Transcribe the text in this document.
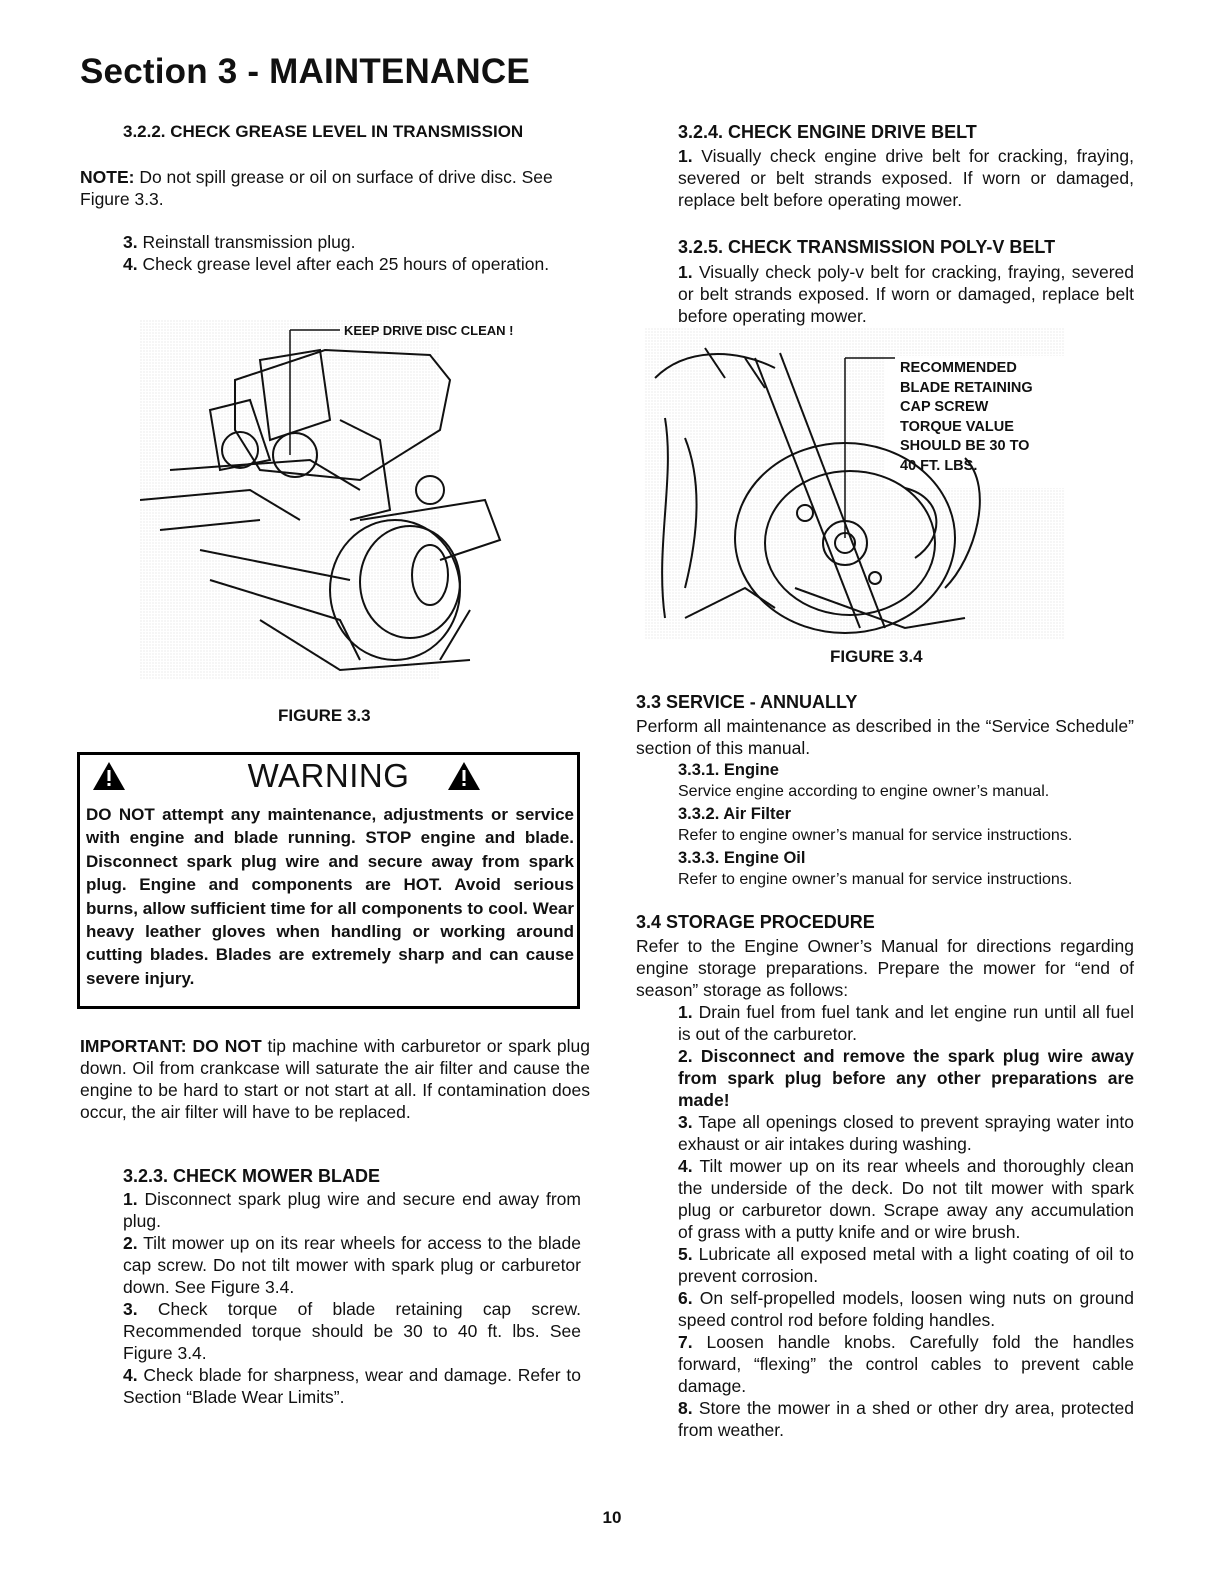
Section 3 - MAINTENANCE
3.2.2. CHECK GREASE LEVEL IN TRANSMISSION
NOTE: Do not spill grease or oil on surface of drive disc. See Figure 3.3.
3. Reinstall transmission plug.
4. Check grease level after each 25 hours of operation.
KEEP DRIVE DISC CLEAN !
FIGURE 3.3
WARNING
DO NOT attempt any maintenance, adjustments or service with engine and blade running. STOP engine and blade. Disconnect spark plug wire and secure away from spark plug. Engine and components are HOT. Avoid serious burns, allow sufficient time for all components to cool. Wear heavy leather gloves when handling or working around cutting blades. Blades are extremely sharp and can cause severe injury.
IMPORTANT: DO NOT tip machine with carburetor or spark plug down. Oil from crankcase will saturate the air filter and cause the engine to be hard to start or not start at all. If contamination does occur, the air filter will have to be replaced.
3.2.3. CHECK MOWER BLADE
1. Disconnect spark plug wire and secure end away from plug.
2. Tilt mower up on its rear wheels for access to the blade cap screw. Do not tilt mower with spark plug or carburetor down. See Figure 3.4.
3. Check torque of blade retaining cap screw. Recommended torque should be 30 to 40 ft. lbs. See Figure 3.4.
4. Check blade for sharpness, wear and damage. Refer to Section “Blade Wear Limits”.
3.2.4. CHECK ENGINE DRIVE BELT
1. Visually check engine drive belt for cracking, fraying, severed or belt strands exposed. If worn or damaged, replace belt before operating mower.
3.2.5. CHECK TRANSMISSION POLY-V BELT
1. Visually check poly-v belt for cracking, fraying, severed or belt strands exposed. If worn or damaged, replace belt before operating mower.
RECOMMENDED
BLADE RETAINING
CAP SCREW
TORQUE VALUE
SHOULD BE 30 TO
40 FT. LBS.
FIGURE 3.4
3.3 SERVICE - ANNUALLY
Perform all maintenance as described in the “Service Schedule” section of this manual.
3.3.1. Engine
Service engine according to engine owner’s manual.
3.3.2. Air Filter
Refer to engine owner’s manual for service instructions.
3.3.3. Engine Oil
Refer to engine owner’s manual for service instructions.
3.4 STORAGE PROCEDURE
Refer to the Engine Owner’s Manual for directions regarding engine storage preparations. Prepare the mower for “end of season” storage as follows:
1. Drain fuel from fuel tank and let engine run until all fuel is out of the carburetor.
2. Disconnect and remove the spark plug wire away from spark plug before any other preparations are made!
3. Tape all openings closed to prevent spraying water into exhaust or air intakes during washing.
4. Tilt mower up on its rear wheels and thoroughly clean the underside of the deck. Do not tilt mower with spark plug or carburetor down. Scrape away any accumulation of grass with a putty knife and or wire brush.
5. Lubricate all exposed metal with a light coating of oil to prevent corrosion.
6. On self-propelled models, loosen wing nuts on ground speed control rod before folding handles.
7. Loosen handle knobs. Carefully fold the handles forward, “flexing” the control cables to prevent cable damage.
8. Store the mower in a shed or other dry area, protected from weather.
10
